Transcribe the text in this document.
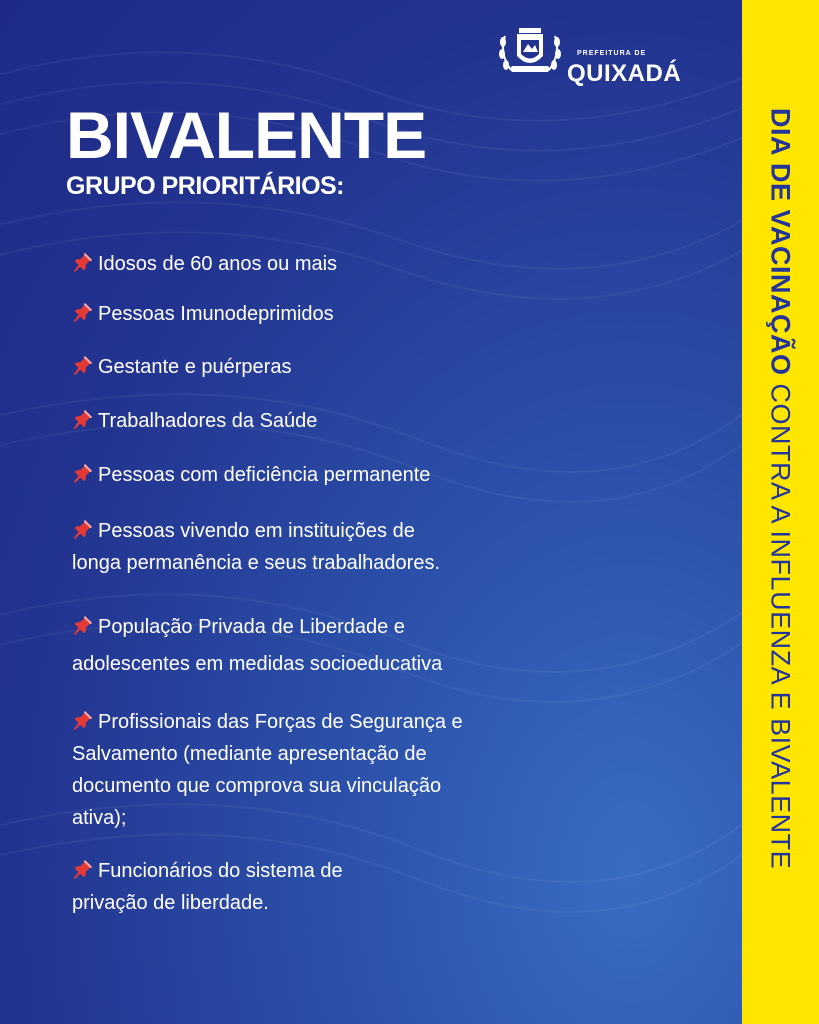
DIA DE VACINAÇÃO CONTRA A INFLUENZA E BIVALENTE
PREFEITURA DE
QUIXADÁ
BIVALENTE
GRUPO PRIORITÁRIOS:
Idosos de 60 anos ou mais
Pessoas Imunodeprimidos
Gestante e puérperas
Trabalhadores da Saúde
Pessoas com deficiência permanente
Pessoas vivendo em instituições de
longa permanência e seus trabalhadores.
População Privada de Liberdade e
adolescentes em medidas socioeducativa
Profissionais das Forças de Segurança e
Salvamento (mediante apresentação de
documento que comprova sua vinculação
ativa);
Funcionários do sistema de
privação de liberdade.
